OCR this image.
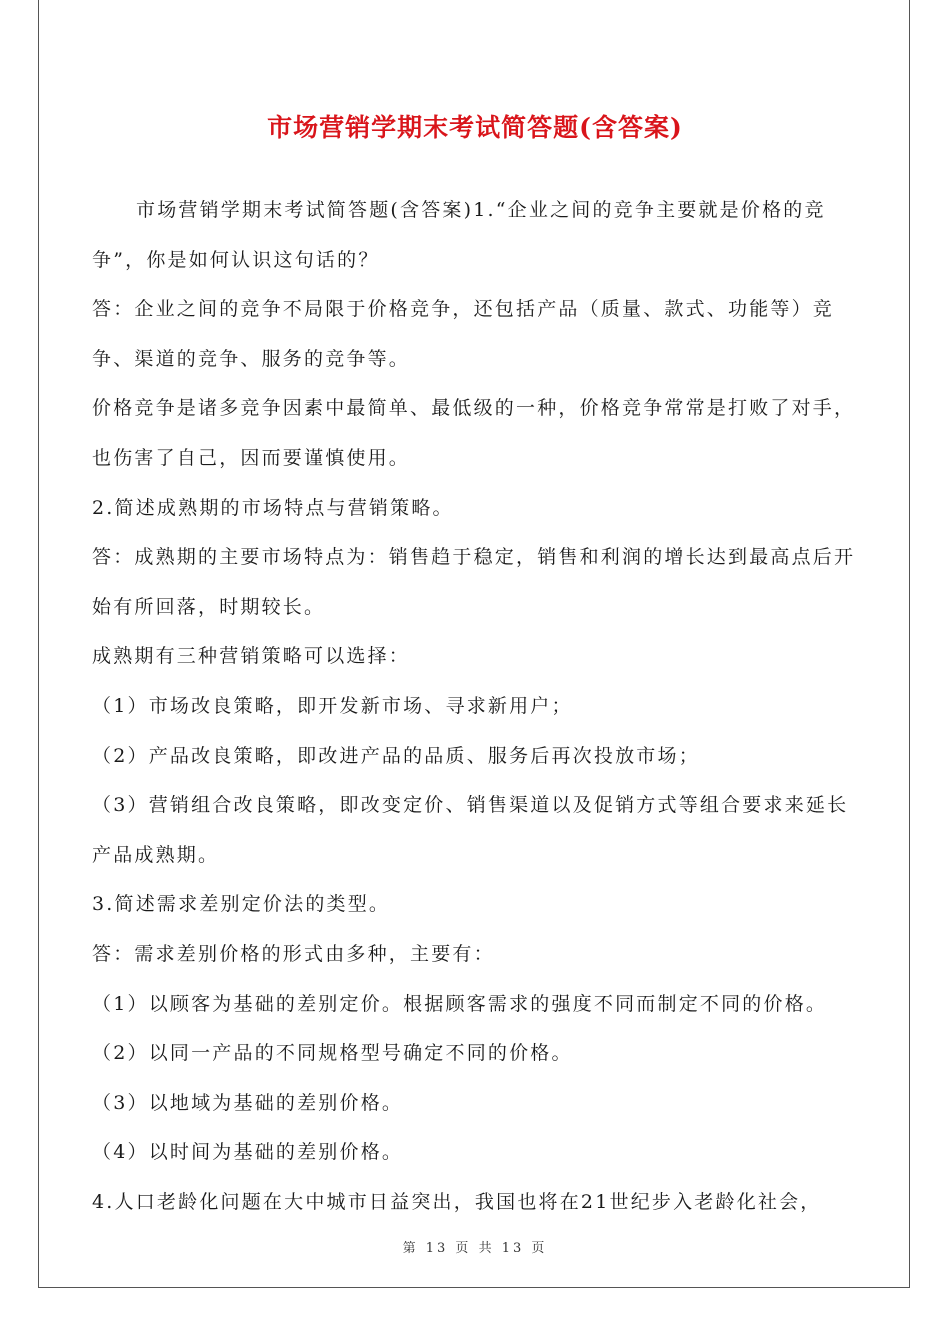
市场营销学期末考试简答题(含答案)

市场营销学期末考试简答题(含答案)1.“企业之间的竞争主要就是价格的竞争”，你是如何认识这句话的？

答：企业之间的竞争不局限于价格竞争，还包括产品（质量、款式、功能等）竞争、渠道的竞争、服务的竞争等。

价格竞争是诸多竞争因素中最简单、最低级的一种，价格竞争常常是打败了对手，也伤害了自己，因而要谨慎使用。

2.简述成熟期的市场特点与营销策略。

答：成熟期的主要市场特点为：销售趋于稳定，销售和利润的增长达到最高点后开始有所回落，时期较长。

成熟期有三种营销策略可以选择：

（1）市场改良策略，即开发新市场、寻求新用户；

（2）产品改良策略，即改进产品的品质、服务后再次投放市场；

（3）营销组合改良策略，即改变定价、销售渠道以及促销方式等组合要求来延长产品成熟期。

3.简述需求差别定价法的类型。

答：需求差别价格的形式由多种，主要有：

（1）以顾客为基础的差别定价。根据顾客需求的强度不同而制定不同的价格。

（2）以同一产品的不同规格型号确定不同的价格。

（3）以地域为基础的差别价格。

（4）以时间为基础的差别价格。

4.人口老龄化问题在大中城市日益突出，我国也将在21世纪步入老龄化社会，

第 13 页 共 13 页
